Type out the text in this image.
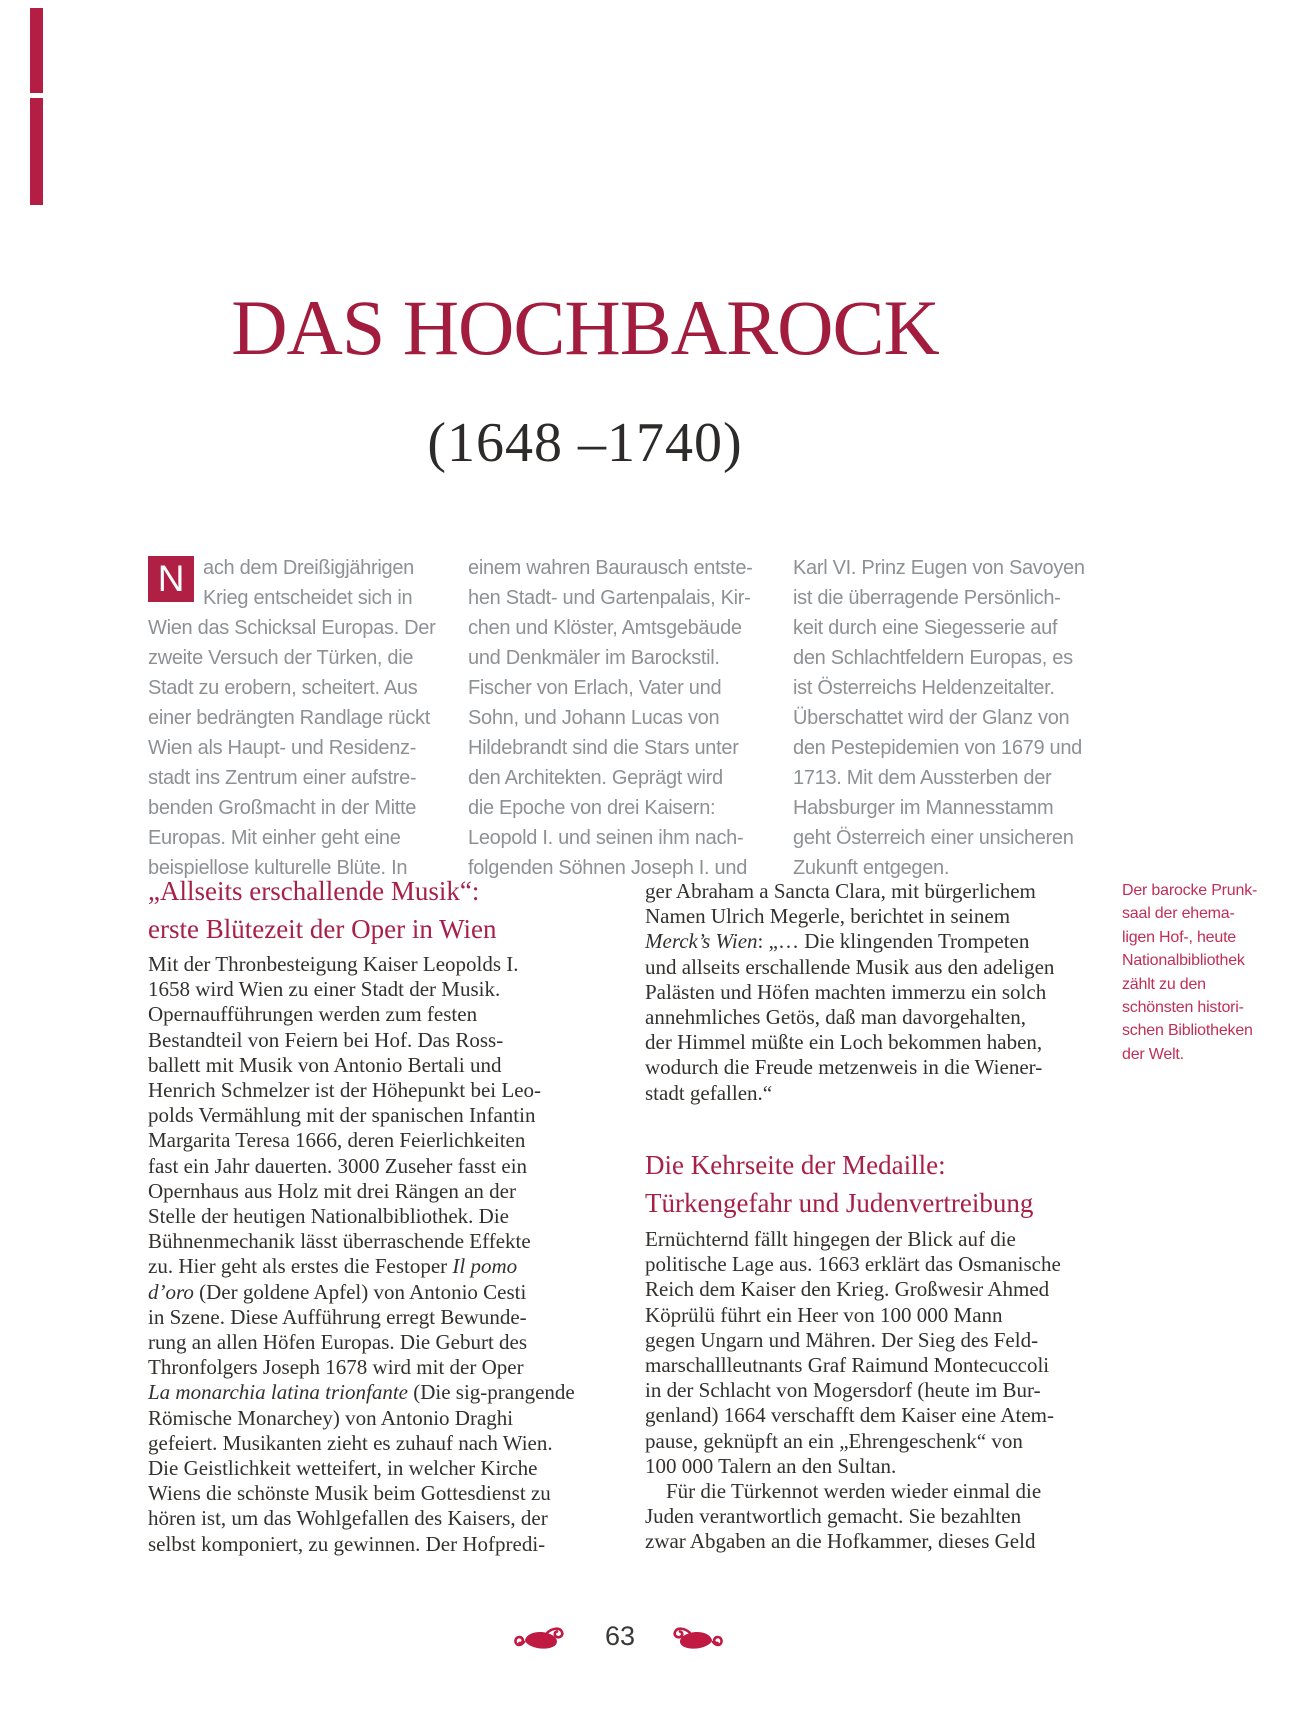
DAS HOCHBAROCK
(1648 –1740)
N ach dem Dreißigjährigen
Krieg entscheidet sich in
Wien das Schicksal Europas. Der
zweite Versuch der Türken, die
Stadt zu erobern, scheitert. Aus
einer bedrängten Randlage rückt
Wien als Haupt- und Residenz-
stadt ins Zentrum einer aufstre-
benden Großmacht in der Mitte
Europas. Mit einher geht eine
beispiellose kulturelle Blüte. In
einem wahren Baurausch entste-
hen Stadt- und Gartenpalais, Kir-
chen und Klöster, Amtsgebäude
und Denkmäler im Barockstil.
Fischer von Erlach, Vater und
Sohn, und Johann Lucas von
Hildebrandt sind die Stars unter
den Architekten. Geprägt wird
die Epoche von drei Kaisern:
Leopold I. und seinen ihm nach-
folgenden Söhnen Joseph I. und
Karl VI. Prinz Eugen von Savoyen
ist die überragende Persönlich-
keit durch eine Siegesserie auf
den Schlachtfeldern Europas, es
ist Österreichs Heldenzeitalter.
Überschattet wird der Glanz von
den Pestepidemien von 1679 und
1713. Mit dem Aussterben der
Habsburger im Mannesstamm
geht Österreich einer unsicheren
Zukunft entgegen.
„Allseits erschallende Musik“:
erste Blütezeit der Oper in Wien
Mit der Thronbesteigung Kaiser Leopolds I.
1658 wird Wien zu einer Stadt der Musik.
Opernaufführungen werden zum festen
Bestandteil von Feiern bei Hof. Das Ross-
ballett mit Musik von Antonio Bertali und
Henrich Schmelzer ist der Höhepunkt bei Leo-
polds Vermählung mit der spanischen Infantin
Margarita Teresa 1666, deren Feierlichkeiten
fast ein Jahr dauerten. 3000 Zuseher fasst ein
Opernhaus aus Holz mit drei Rängen an der
Stelle der heutigen Nationalbibliothek. Die
Bühnenmechanik lässt überraschende Effekte
zu. Hier geht als erstes die Festoper Il pomo
d’oro (Der goldene Apfel) von Antonio Cesti
in Szene. Diese Aufführung erregt Bewunde-
rung an allen Höfen Europas. Die Geburt des
Thronfolgers Joseph 1678 wird mit der Oper
La monarchia latina trionfante (Die sig-prangende
Römische Monarchey) von Antonio Draghi
gefeiert. Musikanten zieht es zuhauf nach Wien.
Die Geistlichkeit wetteifert, in welcher Kirche
Wiens die schönste Musik beim Gottesdienst zu
hören ist, um das Wohlgefallen des Kaisers, der
selbst komponiert, zu gewinnen. Der Hofpredi-
ger Abraham a Sancta Clara, mit bürgerlichem
Namen Ulrich Megerle, berichtet in seinem
Merck’s Wien: „… Die klingenden Trompeten
und allseits erschallende Musik aus den adeligen
Palästen und Höfen machten immerzu ein solch
annehmliches Getös, daß man davorgehalten,
der Himmel müßte ein Loch bekommen haben,
wodurch die Freude metzenweis in die Wiener-
stadt gefallen.“
Die Kehrseite der Medaille:
Türkengefahr und Judenvertreibung
Ernüchternd fällt hingegen der Blick auf die
politische Lage aus. 1663 erklärt das Osmanische
Reich dem Kaiser den Krieg. Großwesir Ahmed
Köprülü führt ein Heer von 100 000 Mann
gegen Ungarn und Mähren. Der Sieg des Feld-
marschallleutnants Graf Raimund Montecuccoli
in der Schlacht von Mogersdorf (heute im Bur-
genland) 1664 verschafft dem Kaiser eine Atem-
pause, geknüpft an ein „Ehrengeschenk“ von
100 000 Talern an den Sultan.
 Für die Türkennot werden wieder einmal die
Juden verantwortlich gemacht. Sie bezahlten
zwar Abgaben an die Hofkammer, dieses Geld
Der barocke Prunk-
saal der ehema-
ligen Hof-, heute
Nationalbibliothek
zählt zu den
schönsten histori-
schen Bibliotheken
der Welt.
63
